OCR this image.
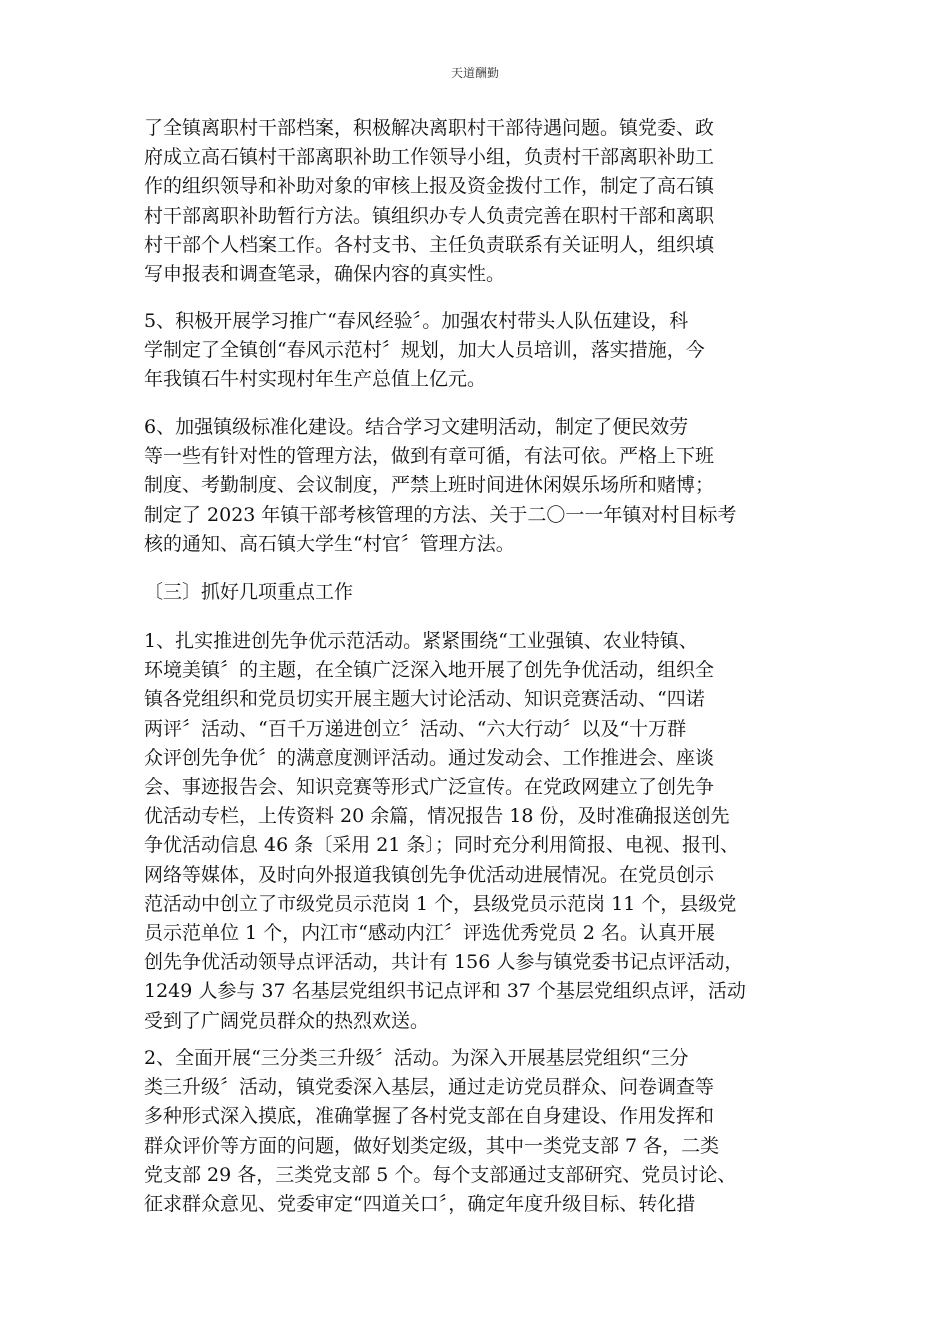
天道酬勤

了全镇离职村干部档案，积极解决离职村干部待遇问题。镇党委、政
府成立高石镇村干部离职补助工作领导小组，负责村干部离职补助工
作的组织领导和补助对象的审核上报及资金拨付工作，制定了高石镇
村干部离职补助暂行方法。镇组织办专人负责完善在职村干部和离职
村干部个人档案工作。各村支书、主任负责联系有关证明人，组织填
写申报表和调查笔录，确保内容的真实性。

5、积极开展学习推广“春风经验〞。加强农村带头人队伍建设，科
学制定了全镇创“春风示范村〞规划，加大人员培训，落实措施，今
年我镇石牛村实现村年生产总值上亿元。

6、加强镇级标准化建设。结合学习文建明活动，制定了便民效劳
等一些有针对性的管理方法，做到有章可循，有法可依。严格上下班
制度、考勤制度、会议制度，严禁上班时间进休闲娱乐场所和赌博；
制定了 2023 年镇干部考核管理的方法、关于二〇一一年镇对村目标考
核的通知、高石镇大学生“村官〞管理方法。

〔三〕抓好几项重点工作

1、扎实推进创先争优示范活动。紧紧围绕“工业强镇、农业特镇、
环境美镇〞的主题，在全镇广泛深入地开展了创先争优活动，组织全
镇各党组织和党员切实开展主题大讨论活动、知识竞赛活动、“四诺
两评〞活动、“百千万递进创立〞活动、“六大行动〞以及“十万群
众评创先争优〞的满意度测评活动。通过发动会、工作推进会、座谈
会、事迹报告会、知识竞赛等形式广泛宣传。在党政网建立了创先争
优活动专栏，上传资料 20 余篇，情况报告 18 份，及时准确报送创先
争优活动信息 46 条〔采用 21 条〕；同时充分利用简报、电视、报刊、
网络等媒体，及时向外报道我镇创先争优活动进展情况。在党员创示
范活动中创立了市级党员示范岗 1 个，县级党员示范岗 11 个，县级党
员示范单位 1 个，内江市“感动内江〞评选优秀党员 2 名。认真开展
创先争优活动领导点评活动，共计有 156 人参与镇党委书记点评活动，
1249 人参与 37 名基层党组织书记点评和 37 个基层党组织点评，活动
受到了广阔党员群众的热烈欢送。

2、全面开展“三分类三升级〞活动。为深入开展基层党组织“三分
类三升级〞活动，镇党委深入基层，通过走访党员群众、问卷调查等
多种形式深入摸底，准确掌握了各村党支部在自身建设、作用发挥和
群众评价等方面的问题，做好划类定级，其中一类党支部 7 各，二类
党支部 29 各，三类党支部 5 个。每个支部通过支部研究、党员讨论、
征求群众意见、党委审定“四道关口〞，确定年度升级目标、转化措
